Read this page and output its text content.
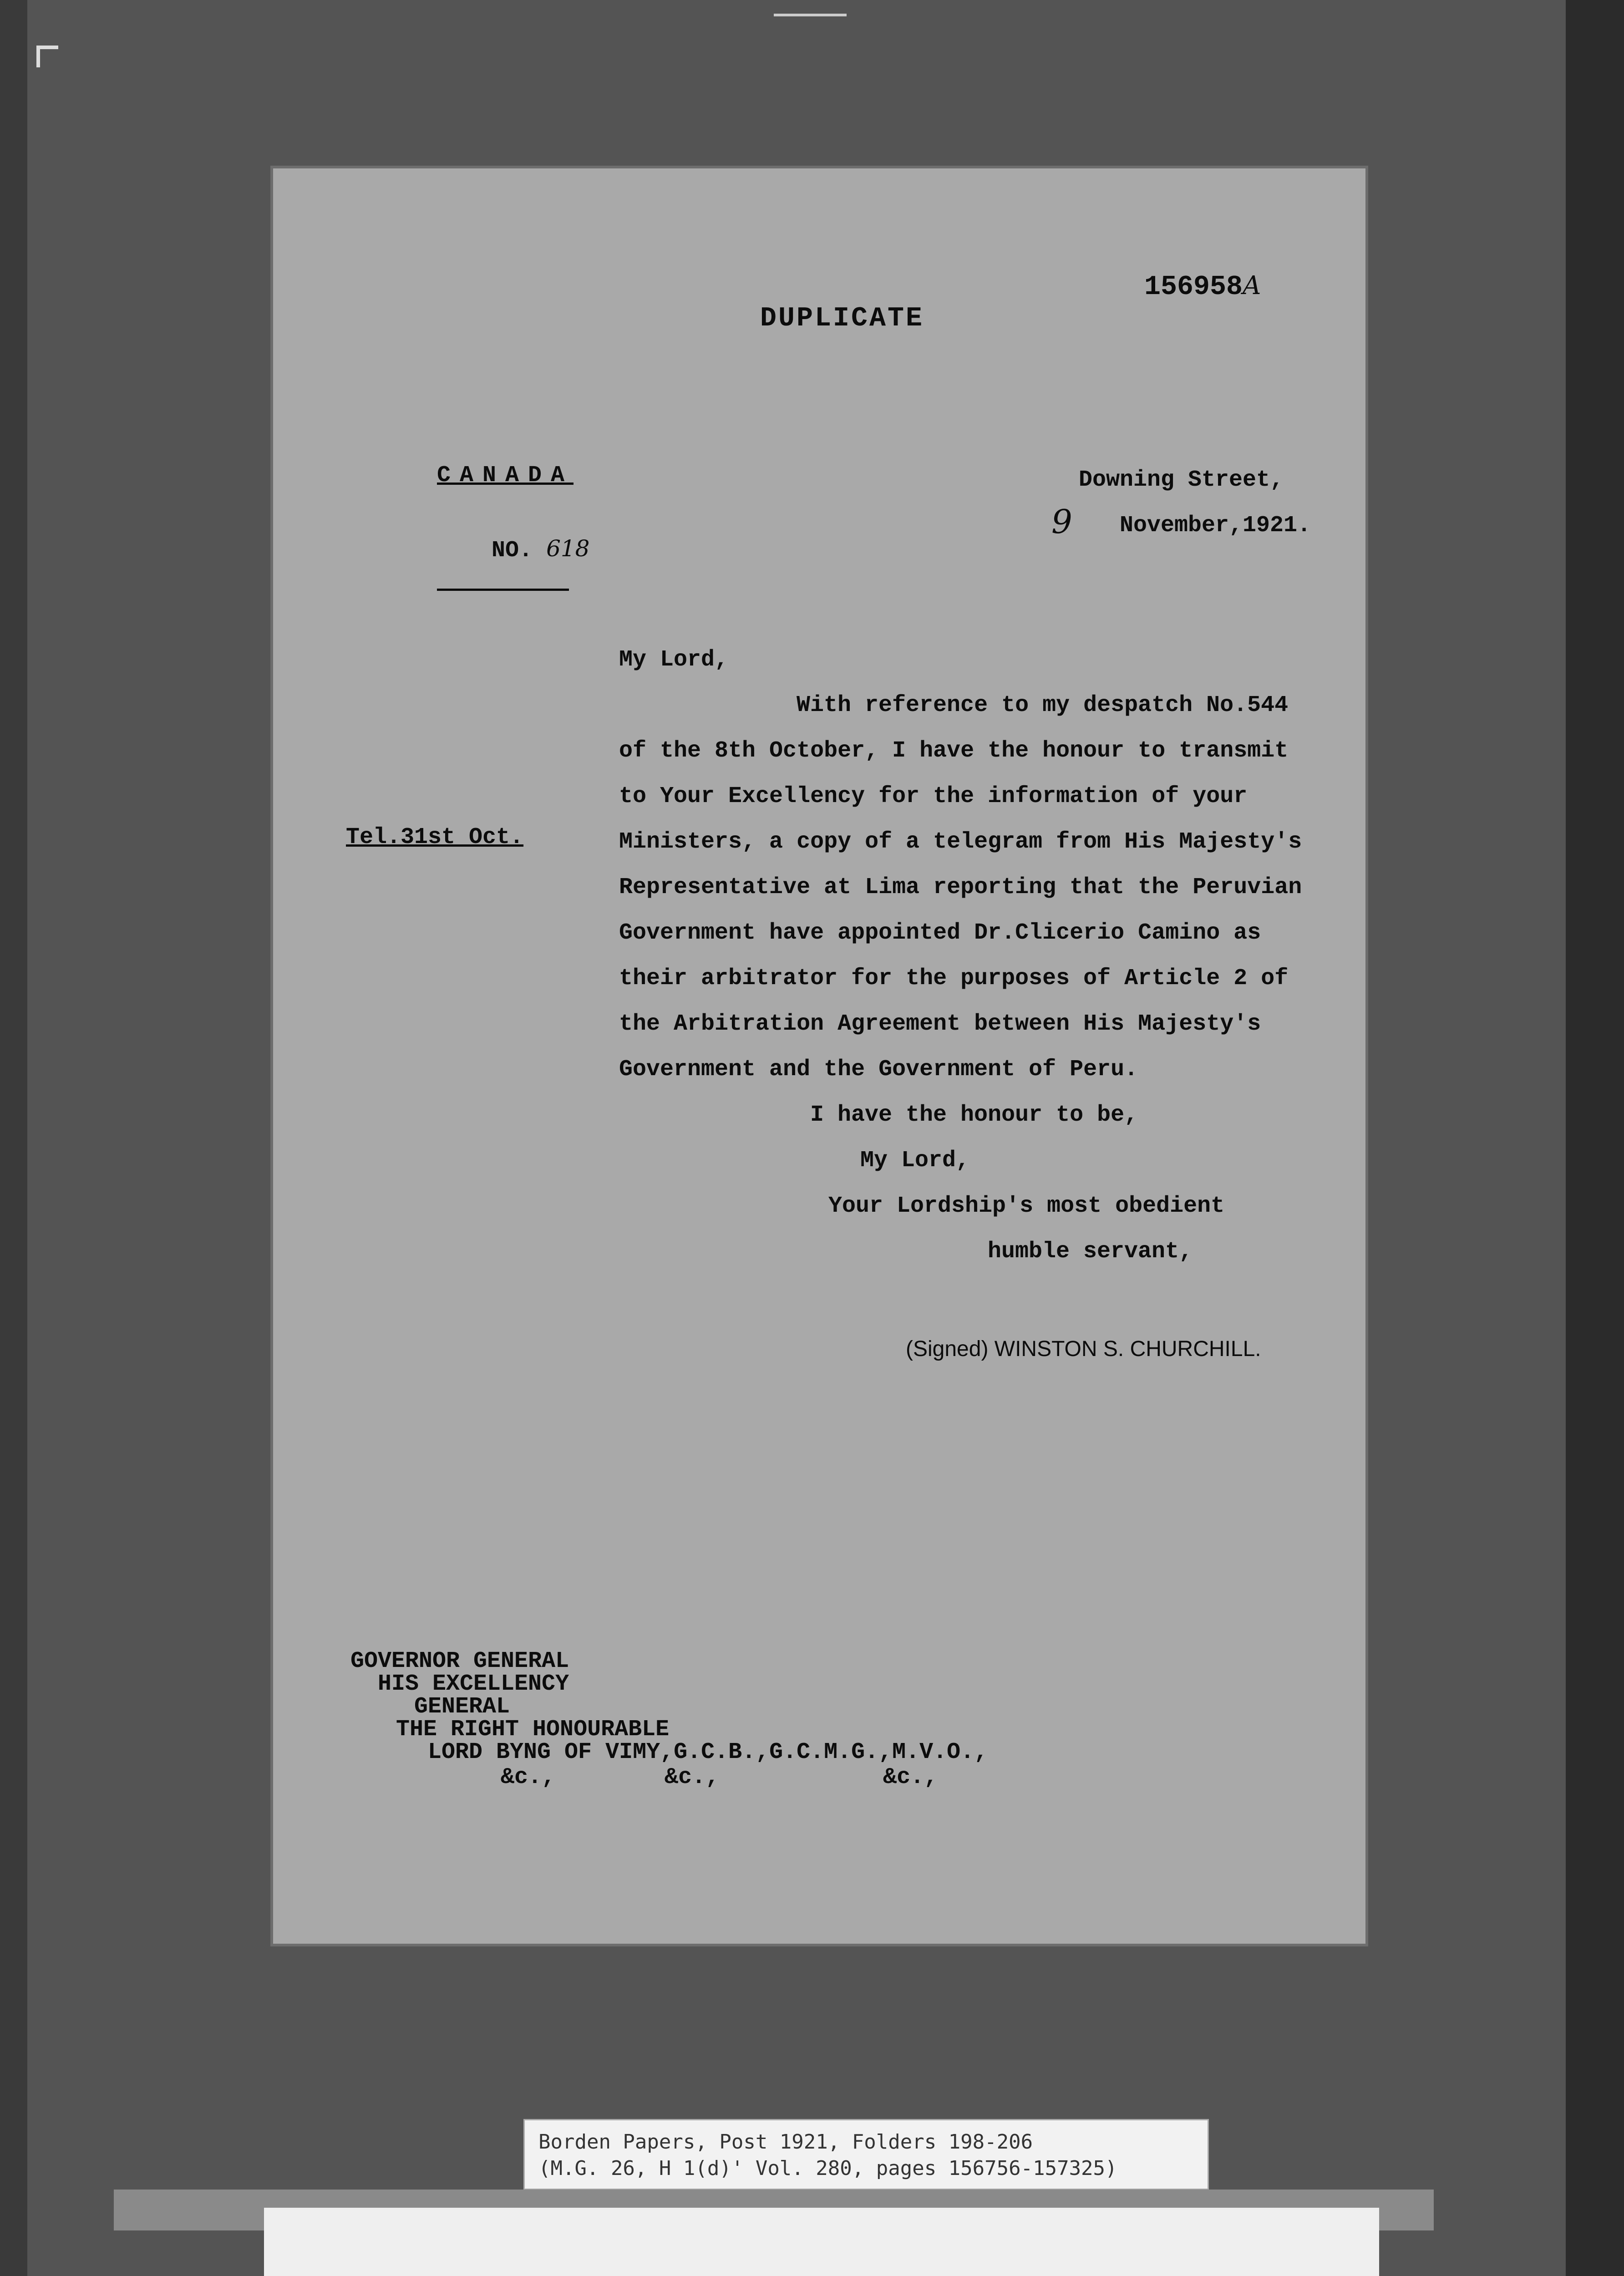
156958A

DUPLICATE
CANADA

NO. 618

Downing Street,
9 November,1921.
Tel.31st Oct.
My Lord,
With reference to my despatch No.544
of the 8th October, I have the honour to transmit
to Your Excellency for the information of your
Ministers, a copy of a telegram from His Majesty's
Representative at Lima reporting that the Peruvian
Government have appointed Dr.Clicerio Camino as
their arbitrator for the purposes of Article 2 of
the Arbitration Agreement between His Majesty's
Government and the Government of Peru.
I have the honour to be,
My Lord,
Your Lordship's most obedient
humble servant,
(Signed) WINSTON S. CHURCHILL.
GOVERNOR GENERAL
HIS EXCELLENCY
GENERAL
THE RIGHT HONOURABLE
LORD BYNG OF VIMY,G.C.B.,G.C.M.G.,M.V.O.,
&c.,        &c.,            &c.,
Borden Papers, Post 1921, Folders 198-206
(M.G. 26, H 1(d)' Vol. 280, pages 156756-157325)
